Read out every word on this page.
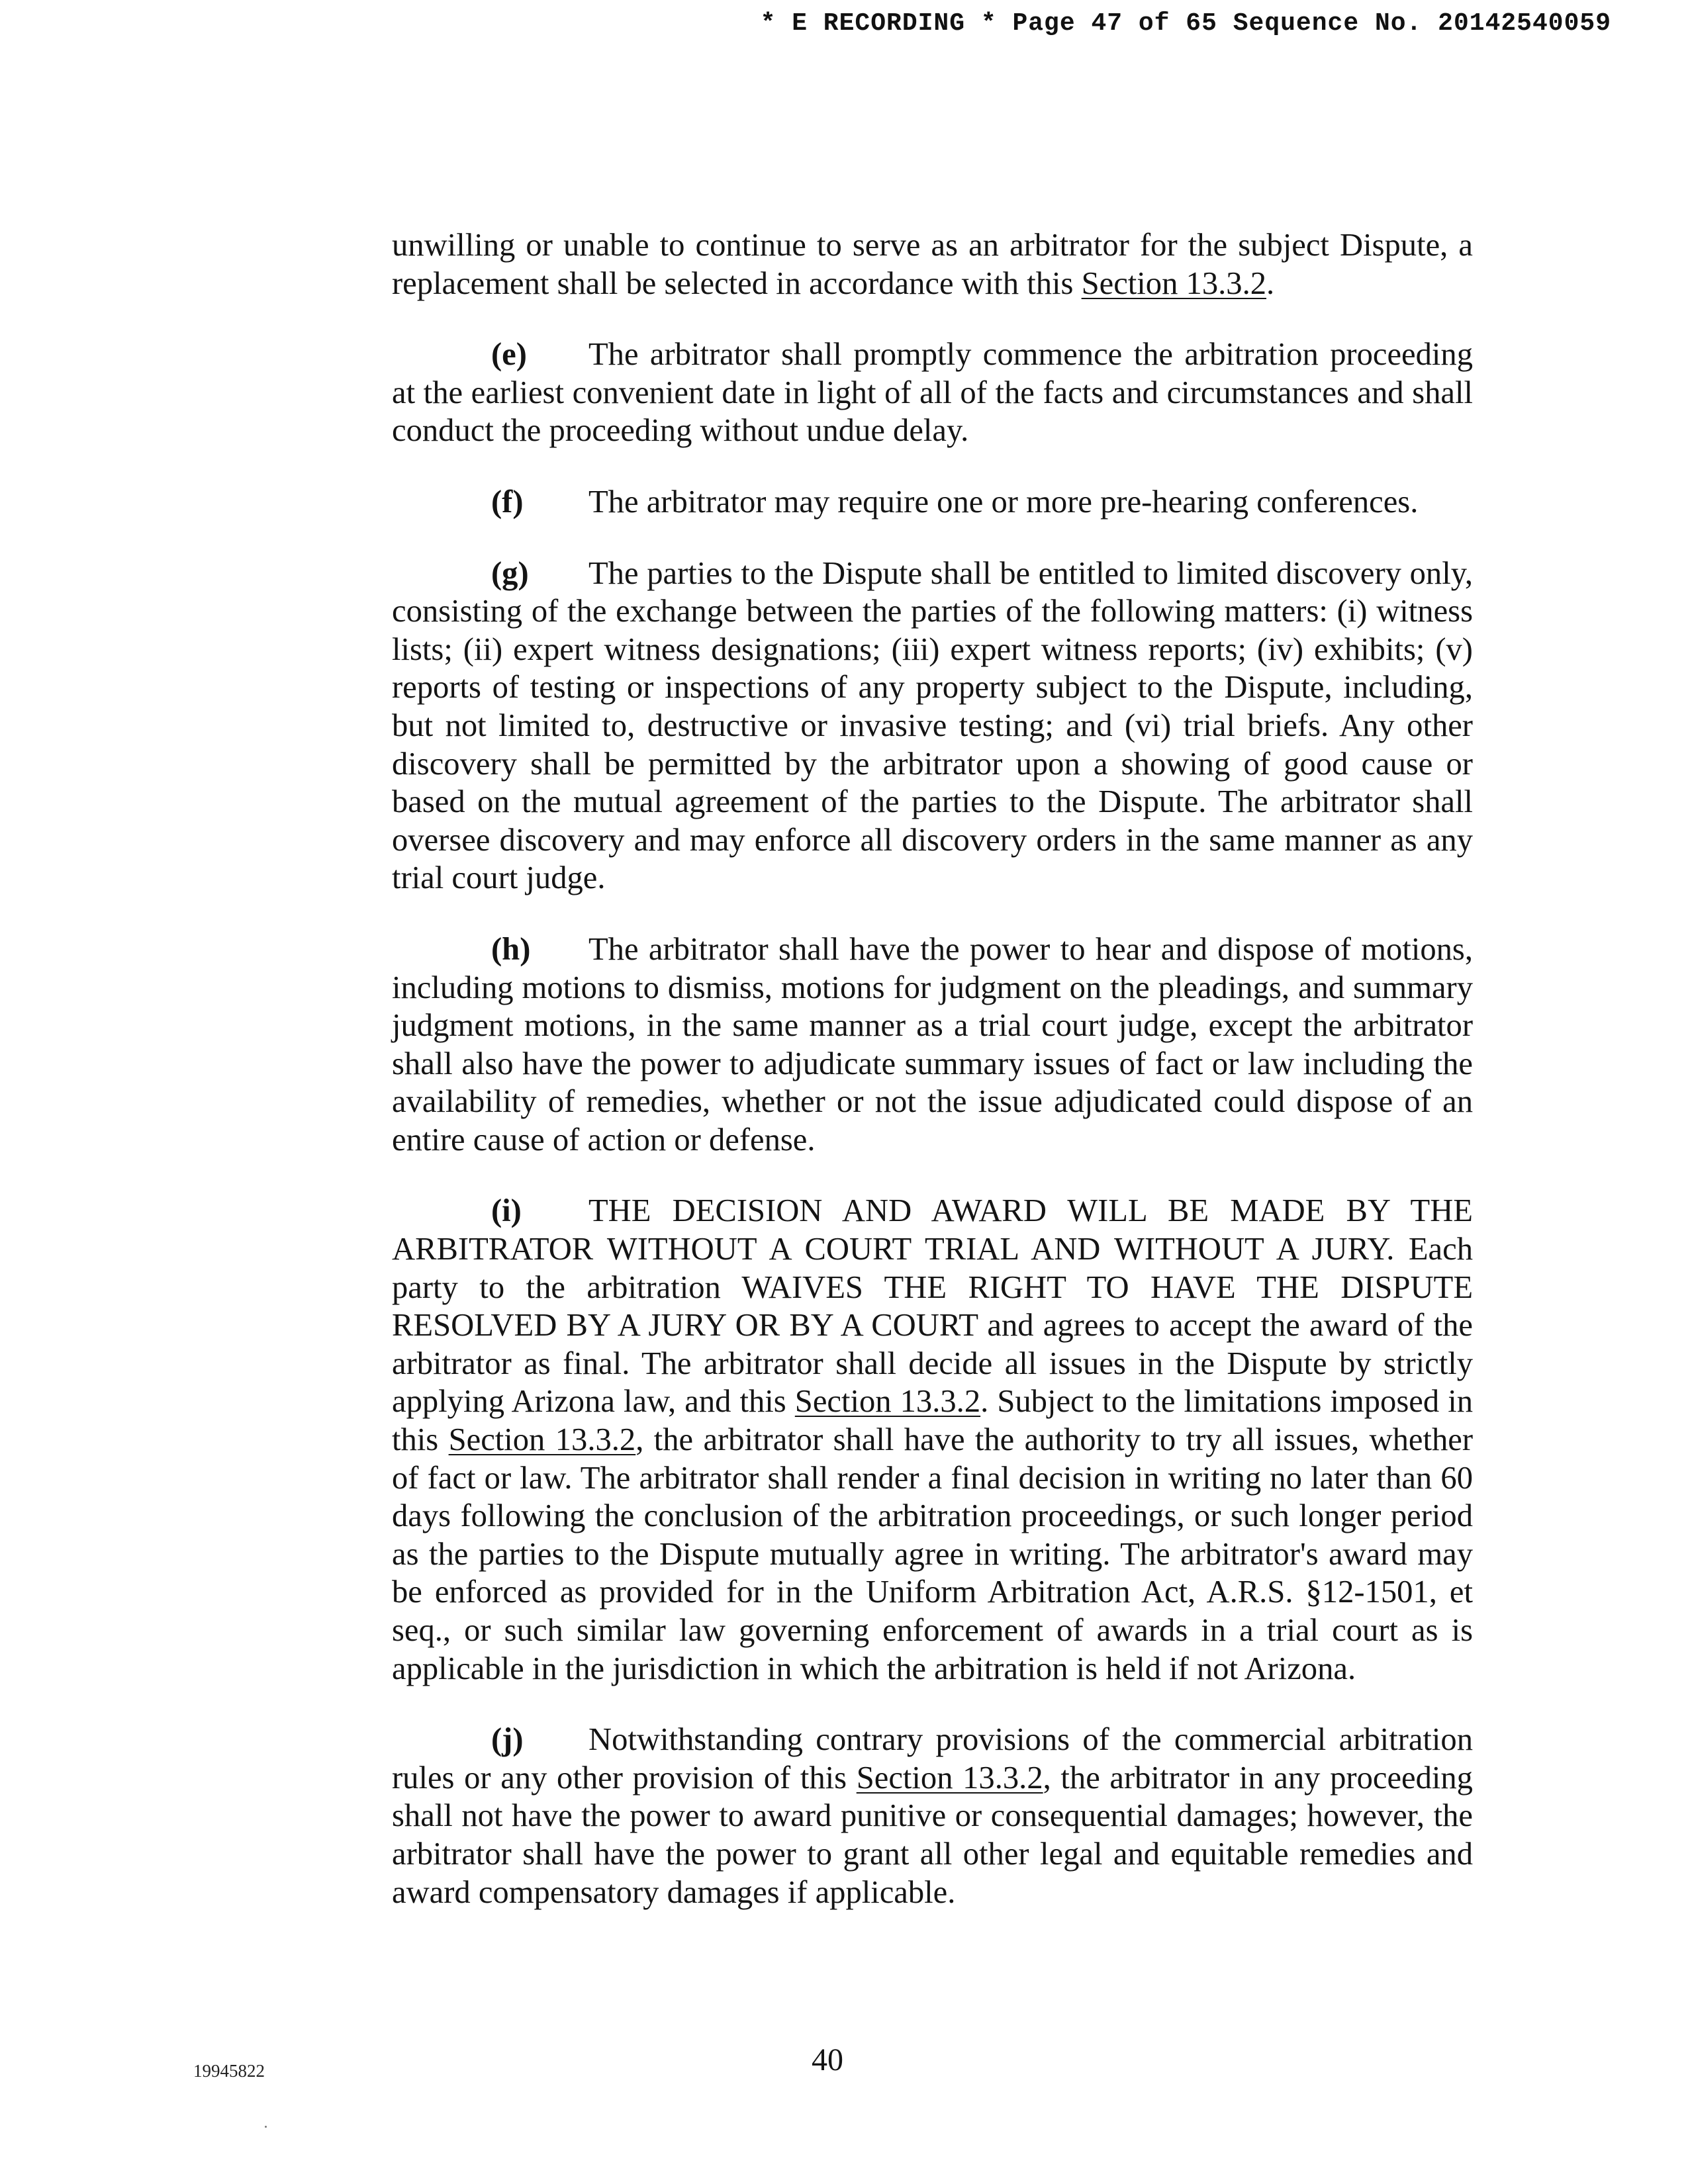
* E RECORDING * Page 47 of 65 Sequence No. 20142540059

unwilling or unable to continue to serve as an arbitrator for the subject Dispute, a replacement shall be selected in accordance with this Section 13.3.2.

(e) The arbitrator shall promptly commence the arbitration proceeding at the earliest convenient date in light of all of the facts and circumstances and shall conduct the proceeding without undue delay.

(f) The arbitrator may require one or more pre-hearing conferences.

(g) The parties to the Dispute shall be entitled to limited discovery only, consisting of the exchange between the parties of the following matters: (i) witness lists; (ii) expert witness designations; (iii) expert witness reports; (iv) exhibits; (v) reports of testing or inspections of any property subject to the Dispute, including, but not limited to, destructive or invasive testing; and (vi) trial briefs. Any other discovery shall be permitted by the arbitrator upon a showing of good cause or based on the mutual agreement of the parties to the Dispute. The arbitrator shall oversee discovery and may enforce all discovery orders in the same manner as any trial court judge.

(h) The arbitrator shall have the power to hear and dispose of motions, including motions to dismiss, motions for judgment on the pleadings, and summary judgment motions, in the same manner as a trial court judge, except the arbitrator shall also have the power to adjudicate summary issues of fact or law including the availability of remedies, whether or not the issue adjudicated could dispose of an entire cause of action or defense.

(i) THE DECISION AND AWARD WILL BE MADE BY THE ARBITRATOR WITHOUT A COURT TRIAL AND WITHOUT A JURY. Each party to the arbitration WAIVES THE RIGHT TO HAVE THE DISPUTE RESOLVED BY A JURY OR BY A COURT and agrees to accept the award of the arbitrator as final. The arbitrator shall decide all issues in the Dispute by strictly applying Arizona law, and this Section 13.3.2. Subject to the limitations imposed in this Section 13.3.2, the arbitrator shall have the authority to try all issues, whether of fact or law. The arbitrator shall render a final decision in writing no later than 60 days following the conclusion of the arbitration proceedings, or such longer period as the parties to the Dispute mutually agree in writing. The arbitrator's award may be enforced as provided for in the Uniform Arbitration Act, A.R.S. §12-1501, et seq., or such similar law governing enforcement of awards in a trial court as is applicable in the jurisdiction in which the arbitration is held if not Arizona.

(j) Notwithstanding contrary provisions of the commercial arbitration rules or any other provision of this Section 13.3.2, the arbitrator in any proceeding shall not have the power to award punitive or consequential damages; however, the arbitrator shall have the power to grant all other legal and equitable remedies and award compensatory damages if applicable.

19945822	40
